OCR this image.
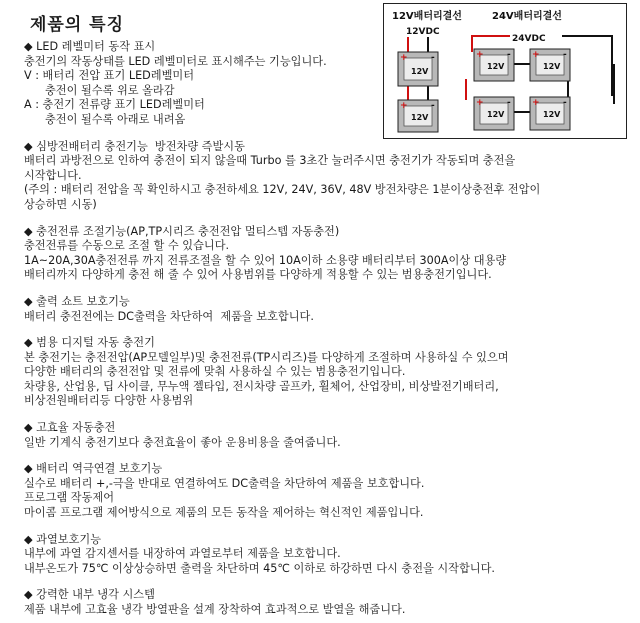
제품의 특징	12V배터리결선	24V배터리결선
12VDC
24VDC
12V
+	-
12V
+	-
12V
+	-
12V
+	-
12V
+	-
12V
+	-
◆ LED 레벨미터 동작 표시
충전기의 작동상태를 LED 레벨미터로 표시해주는 기능입니다.
V : 배터리 전압 표기 LED레벨미터
충전이 될수록 위로 올라감
A : 충전기 전류량 표기 LED레벨미터
충전이 될수록 아래로 내려옴
◆ 심방전배터리 충전기능  방전차량 즉발시동
배터리 과방전으로 인하여 충전이 되지 않을때 Turbo 를 3초간 눌러주시면 충전기가 작동되며 충전을
시작합니다.
(주의 : 배터리 전압을 꼭 확인하시고 충전하세요 12V, 24V, 36V, 48V 방전차량은 1분이상충전후 전압이
상승하면 시동)
◆ 충전전류 조절기능(AP,TP시리즈 충전전압 멀티스텝 자동충전)
충전전류를 수동으로 조절 할 수 있습니다.
1A~20A,30A충전전류 까지 전류조절을 할 수 있어 10A이하 소용량 배터리부터 300A이상 대용량
배터리까지 다양하게 충전 해 줄 수 있어 사용범위를 다양하게 적용할 수 있는 범용충전기입니다.
◆ 출력 쇼트 보호기능
배터리 충전전에는 DC출력을 차단하여  제품을 보호합니다.
◆ 범용 디지털 자동 충전기
본 충전기는 충전전압(AP모델일부)및 충전전류(TP시리즈)를 다양하게 조절하며 사용하실 수 있으며
다양한 배터리의 충전전압 및 전류에 맞춰 사용하실 수 있는 범용충전기입니다.
차량용, 산업용, 딥 사이클, 무누액 젤타입, 전시차량 골프카, 휠체어, 산업장비, 비상발전기배터리,
비상전원배터리등 다양한 사용범위
◆ 고효율 자동충전
일반 기계식 충전기보다 충전효율이 좋아 운용비용을 줄여줍니다.
◆ 배터리 역극연결 보호기능
실수로 배터리 +,-극을 반대로 연결하여도 DC출력을 차단하여 제품을 보호합니다.
프로그램 작동제어
마이콤 프로그램 제어방식으로 제품의 모든 동작을 제어하는 혁신적인 제품입니다.
◆ 과열보호기능
내부에 과열 감지센서를 내장하여 과열로부터 제품을 보호합니다.
내부온도가 75℃ 이상상승하면 출력을 차단하며 45℃ 이하로 하강하면 다시 충전을 시작합니다.
◆ 강력한 내부 냉각 시스템
제품 내부에 고효율 냉각 방열판을 설계 장착하여 효과적으로 발열을 해줍니다.
